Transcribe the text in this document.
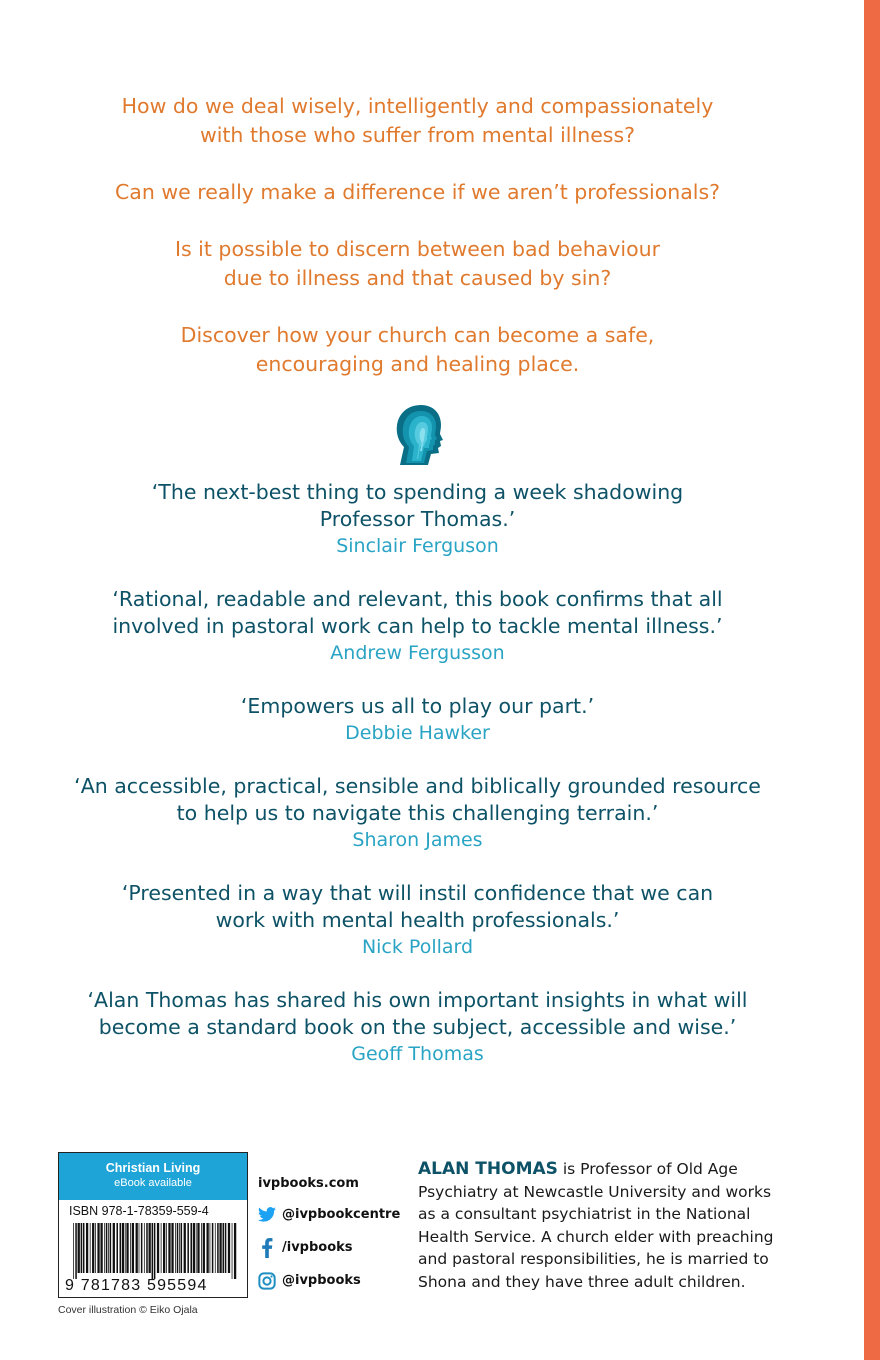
How do we deal wisely, intelligently and compassionately
with those who suffer from mental illness?

Can we really make a difference if we aren’t professionals?

Is it possible to discern between bad behaviour
due to illness and that caused by sin?

Discover how your church can become a safe,
encouraging and healing place.

‘The next-best thing to spending a week shadowing
Professor Thomas.’
Sinclair Ferguson
‘Rational, readable and relevant, this book confirms that all
involved in pastoral work can help to tackle mental illness.’
Andrew Fergusson
‘Empowers us all to play our part.’
Debbie Hawker
‘An accessible, practical, sensible and biblically grounded resource
to help us to navigate this challenging terrain.’
Sharon James
‘Presented in a way that will instil confidence that we can
work with mental health professionals.’
Nick Pollard
‘Alan Thomas has shared his own important insights in what will
become a standard book on the subject, accessible and wise.’
Geoff Thomas
Christian Living
eBook available
ISBN 978-1-78359-559-4
9 781783 595594
Cover illustration © Eiko Ojala
ivpbooks.com
@ivpbookcentre
/ivpbooks
@ivpbooks
ALAN THOMAS is Professor of Old Age Psychiatry at Newcastle University and works as a consultant psychiatrist in the National Health Service. A church elder with preaching and pastoral responsibilities, he is married to Shona and they have three adult children.
